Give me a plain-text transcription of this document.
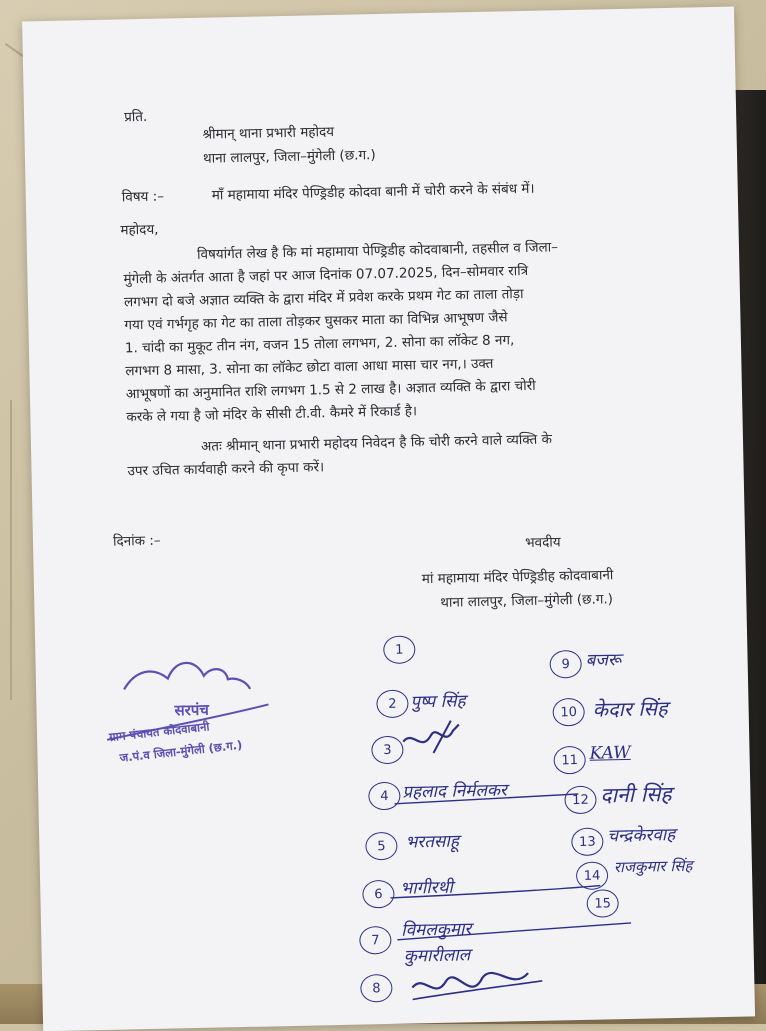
प्रति.
श्रीमान् थाना प्रभारी महोदय
थाना लालपुर, जिला–मुंगेली (छ.ग.)
विषय :–	माँ महामाया मंदिर पेण्ड्रिडीह कोदवा बानी में चोरी करने के संबंध में।
महोदय,
विषयांर्गत लेख है कि मां महामाया पेण्ड्रिडीह कोदवाबानी, तहसील व जिला–
मुंगेली के अंतर्गत आता है जहां पर आज दिनांक 07.07.2025, दिन–सोमवार रात्रि
लगभग दो बजे अज्ञात व्यक्ति के द्वारा मंदिर में प्रवेश करके प्रथम गेट का ताला तोड़ा
गया एवं गर्भगृह का गेट का ताला तोड़कर घुसकर माता का विभिन्न आभूषण जैसे
1. चांदी का मुकूट तीन नंग, वजन 15 तोला लगभग, 2. सोना का लॉकेट 8 नग,
लगभग 8 मासा, 3. सोना का लॉकेट छोटा वाला आधा मासा चार नग,। उक्त
आभूषणों का अनुमानित राशि लगभग 1.5 से 2 लाख है। अज्ञात व्यक्ति के द्वारा चोरी
करके ले गया है जो मंदिर के सीसी टी.वी. कैमरे में रिकार्ड है।
अतः श्रीमान् थाना प्रभारी महोदय निवेदन है कि चोरी करने वाले व्यक्ति के
उपर उचित कार्यवाही करने की कृपा करें।
दिनांक :–	भवदीय
मां महामाया मंदिर पेण्ड्रिडीह कोदवाबानी
थाना लालपुर, जिला–मुंगेली (छ.ग.)
सरपंच
ग्राम पंचायत कोदवाबानी
ज.पं.व जिला-मुंगेली (छ.ग.)
1
2 पुष्प सिंह
3
4 प्रहलाद निर्मलकर
5	भरतसाहू
6	भागीरथी
7	विमलकुमार
कुमारीलाल
8
9 बजरू
10 केदार सिंह
11 KAW
12 दानी सिंह
13 चन्द्रकेरवाह
14 राजकुमार सिंह
15
